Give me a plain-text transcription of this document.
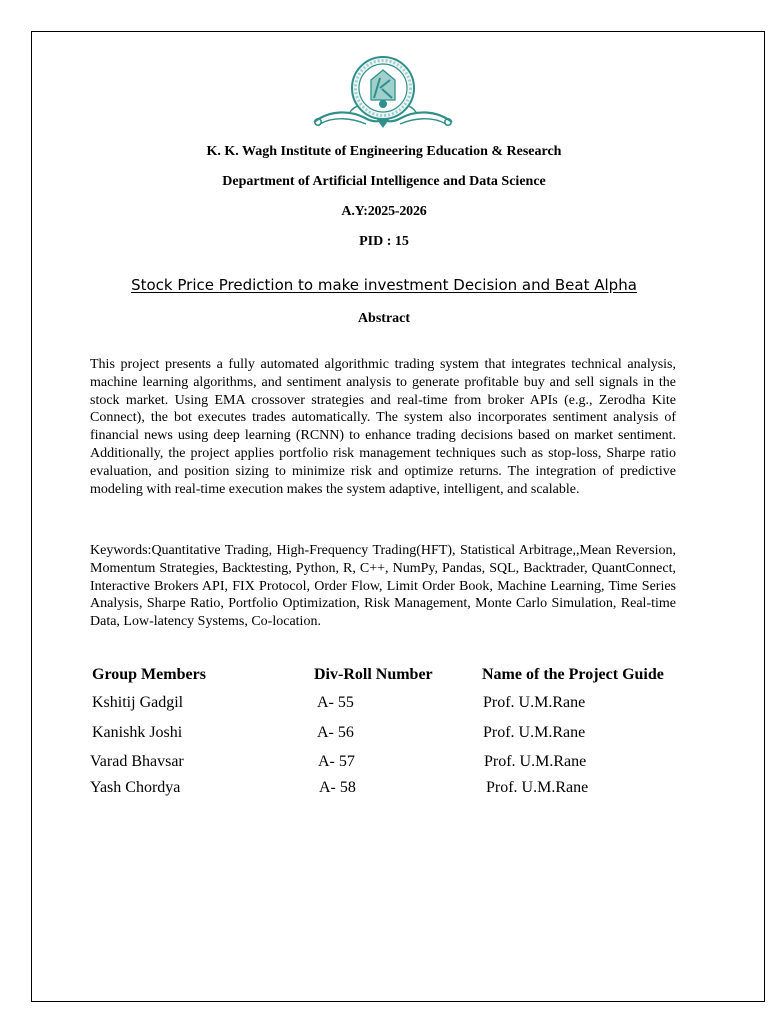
K. K. Wagh Institute of Engineering Education & Research
Department of Artificial Intelligence and Data Science
A.Y:2025-2026
PID : 15
Stock Price Prediction to make investment Decision and Beat Alpha
Abstract
This project presents a fully automated algorithmic trading system that integrates technical analysis, machine learning algorithms, and sentiment analysis to generate profitable buy and sell signals in the stock market. Using EMA crossover strategies and real-time from broker APIs (e.g., Zerodha Kite Connect), the bot executes trades automatically. The system also incorporates sentiment analysis of financial news using deep learning (RCNN) to enhance trading decisions based on market sentiment. Additionally, the project applies portfolio risk management techniques such as stop-loss, Sharpe ratio evaluation, and position sizing to minimize risk and optimize returns. The integration of predictive modeling with real-time execution makes the system adaptive, intelligent, and scalable.
Keywords:Quantitative Trading, High-Frequency Trading(HFT), Statistical Arbitrage,,Mean Reversion, Momentum Strategies, Backtesting, Python, R, C++, NumPy, Pandas, SQL, Backtrader, QuantConnect, Interactive Brokers API, FIX Protocol, Order Flow, Limit Order Book, Machine Learning, Time Series Analysis, Sharpe Ratio, Portfolio Optimization, Risk Management, Monte Carlo Simulation, Real-time Data, Low-latency Systems, Co-location.
Group Members	Div-Roll Number	Name of the Project Guide
Kshitij Gadgil	A- 55	Prof. U.M.Rane
Kanishk Joshi	A- 56	Prof. U.M.Rane
Varad Bhavsar	A- 57	Prof. U.M.Rane
Yash Chordya	A- 58	Prof. U.M.Rane
